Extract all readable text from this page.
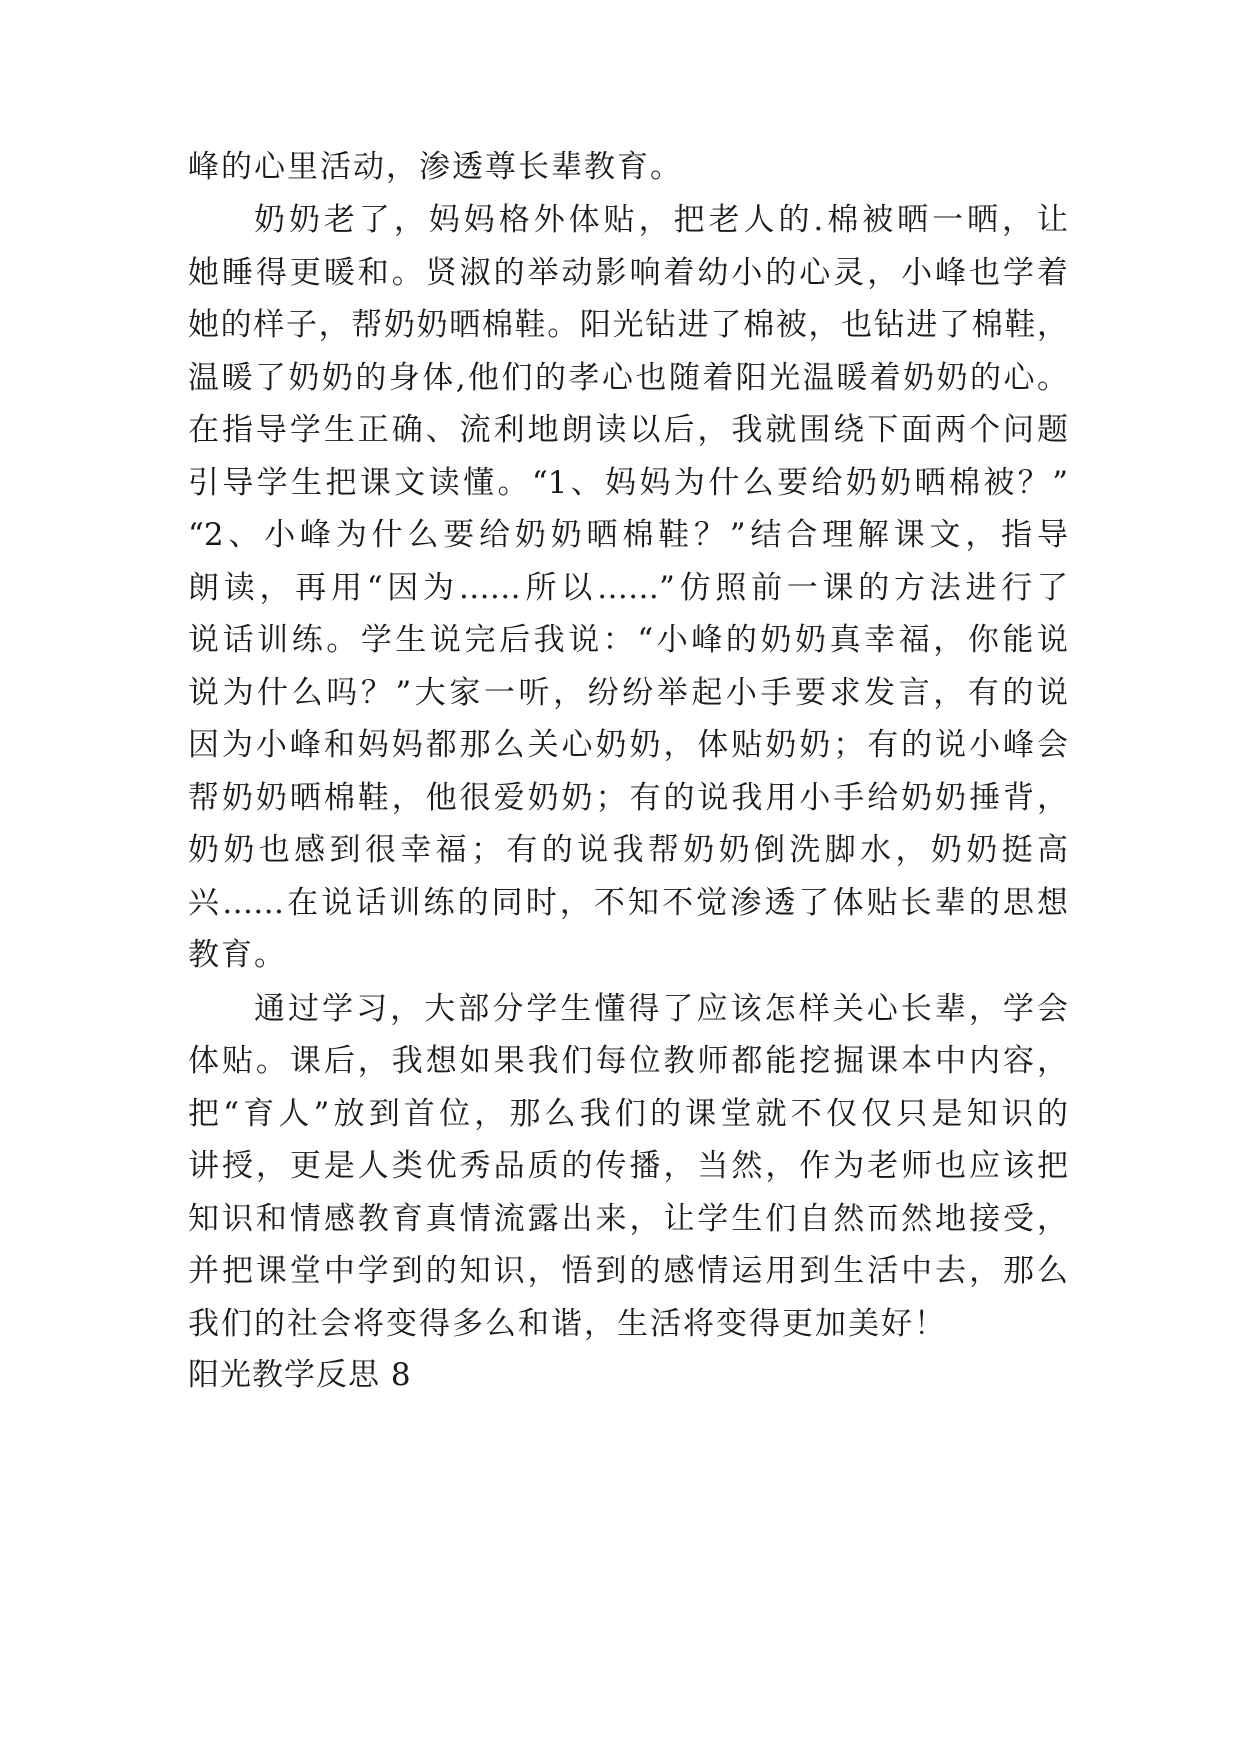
峰的心里活动，渗透尊长辈教育。
奶奶老了，妈妈格外体贴，把老人的.棉被晒一晒，让
她睡得更暖和。贤淑的举动影响着幼小的心灵，小峰也学着
她的样子，帮奶奶晒棉鞋。阳光钻进了棉被，也钻进了棉鞋，
温暖了奶奶的身体,他们的孝心也随着阳光温暖着奶奶的心。
在指导学生正确、流利地朗读以后，我就围绕下面两个问题
引导学生把课文读懂。“1、妈妈为什么要给奶奶晒棉被？”
“2、小峰为什么要给奶奶晒棉鞋？”结合理解课文，指导
朗读，再用“因为……所以……”仿照前一课的方法进行了
说话训练。学生说完后我说：“小峰的奶奶真幸福，你能说
说为什么吗？”大家一听，纷纷举起小手要求发言，有的说
因为小峰和妈妈都那么关心奶奶，体贴奶奶；有的说小峰会
帮奶奶晒棉鞋，他很爱奶奶；有的说我用小手给奶奶捶背，
奶奶也感到很幸福；有的说我帮奶奶倒洗脚水，奶奶挺高
兴……在说话训练的同时，不知不觉渗透了体贴长辈的思想
教育。
通过学习，大部分学生懂得了应该怎样关心长辈，学会
体贴。课后，我想如果我们每位教师都能挖掘课本中内容，
把“育人”放到首位，那么我们的课堂就不仅仅只是知识的
讲授，更是人类优秀品质的传播，当然，作为老师也应该把
知识和情感教育真情流露出来，让学生们自然而然地接受，
并把课堂中学到的知识，悟到的感情运用到生活中去，那么
我们的社会将变得多么和谐，生活将变得更加美好！
阳光教学反思 8
